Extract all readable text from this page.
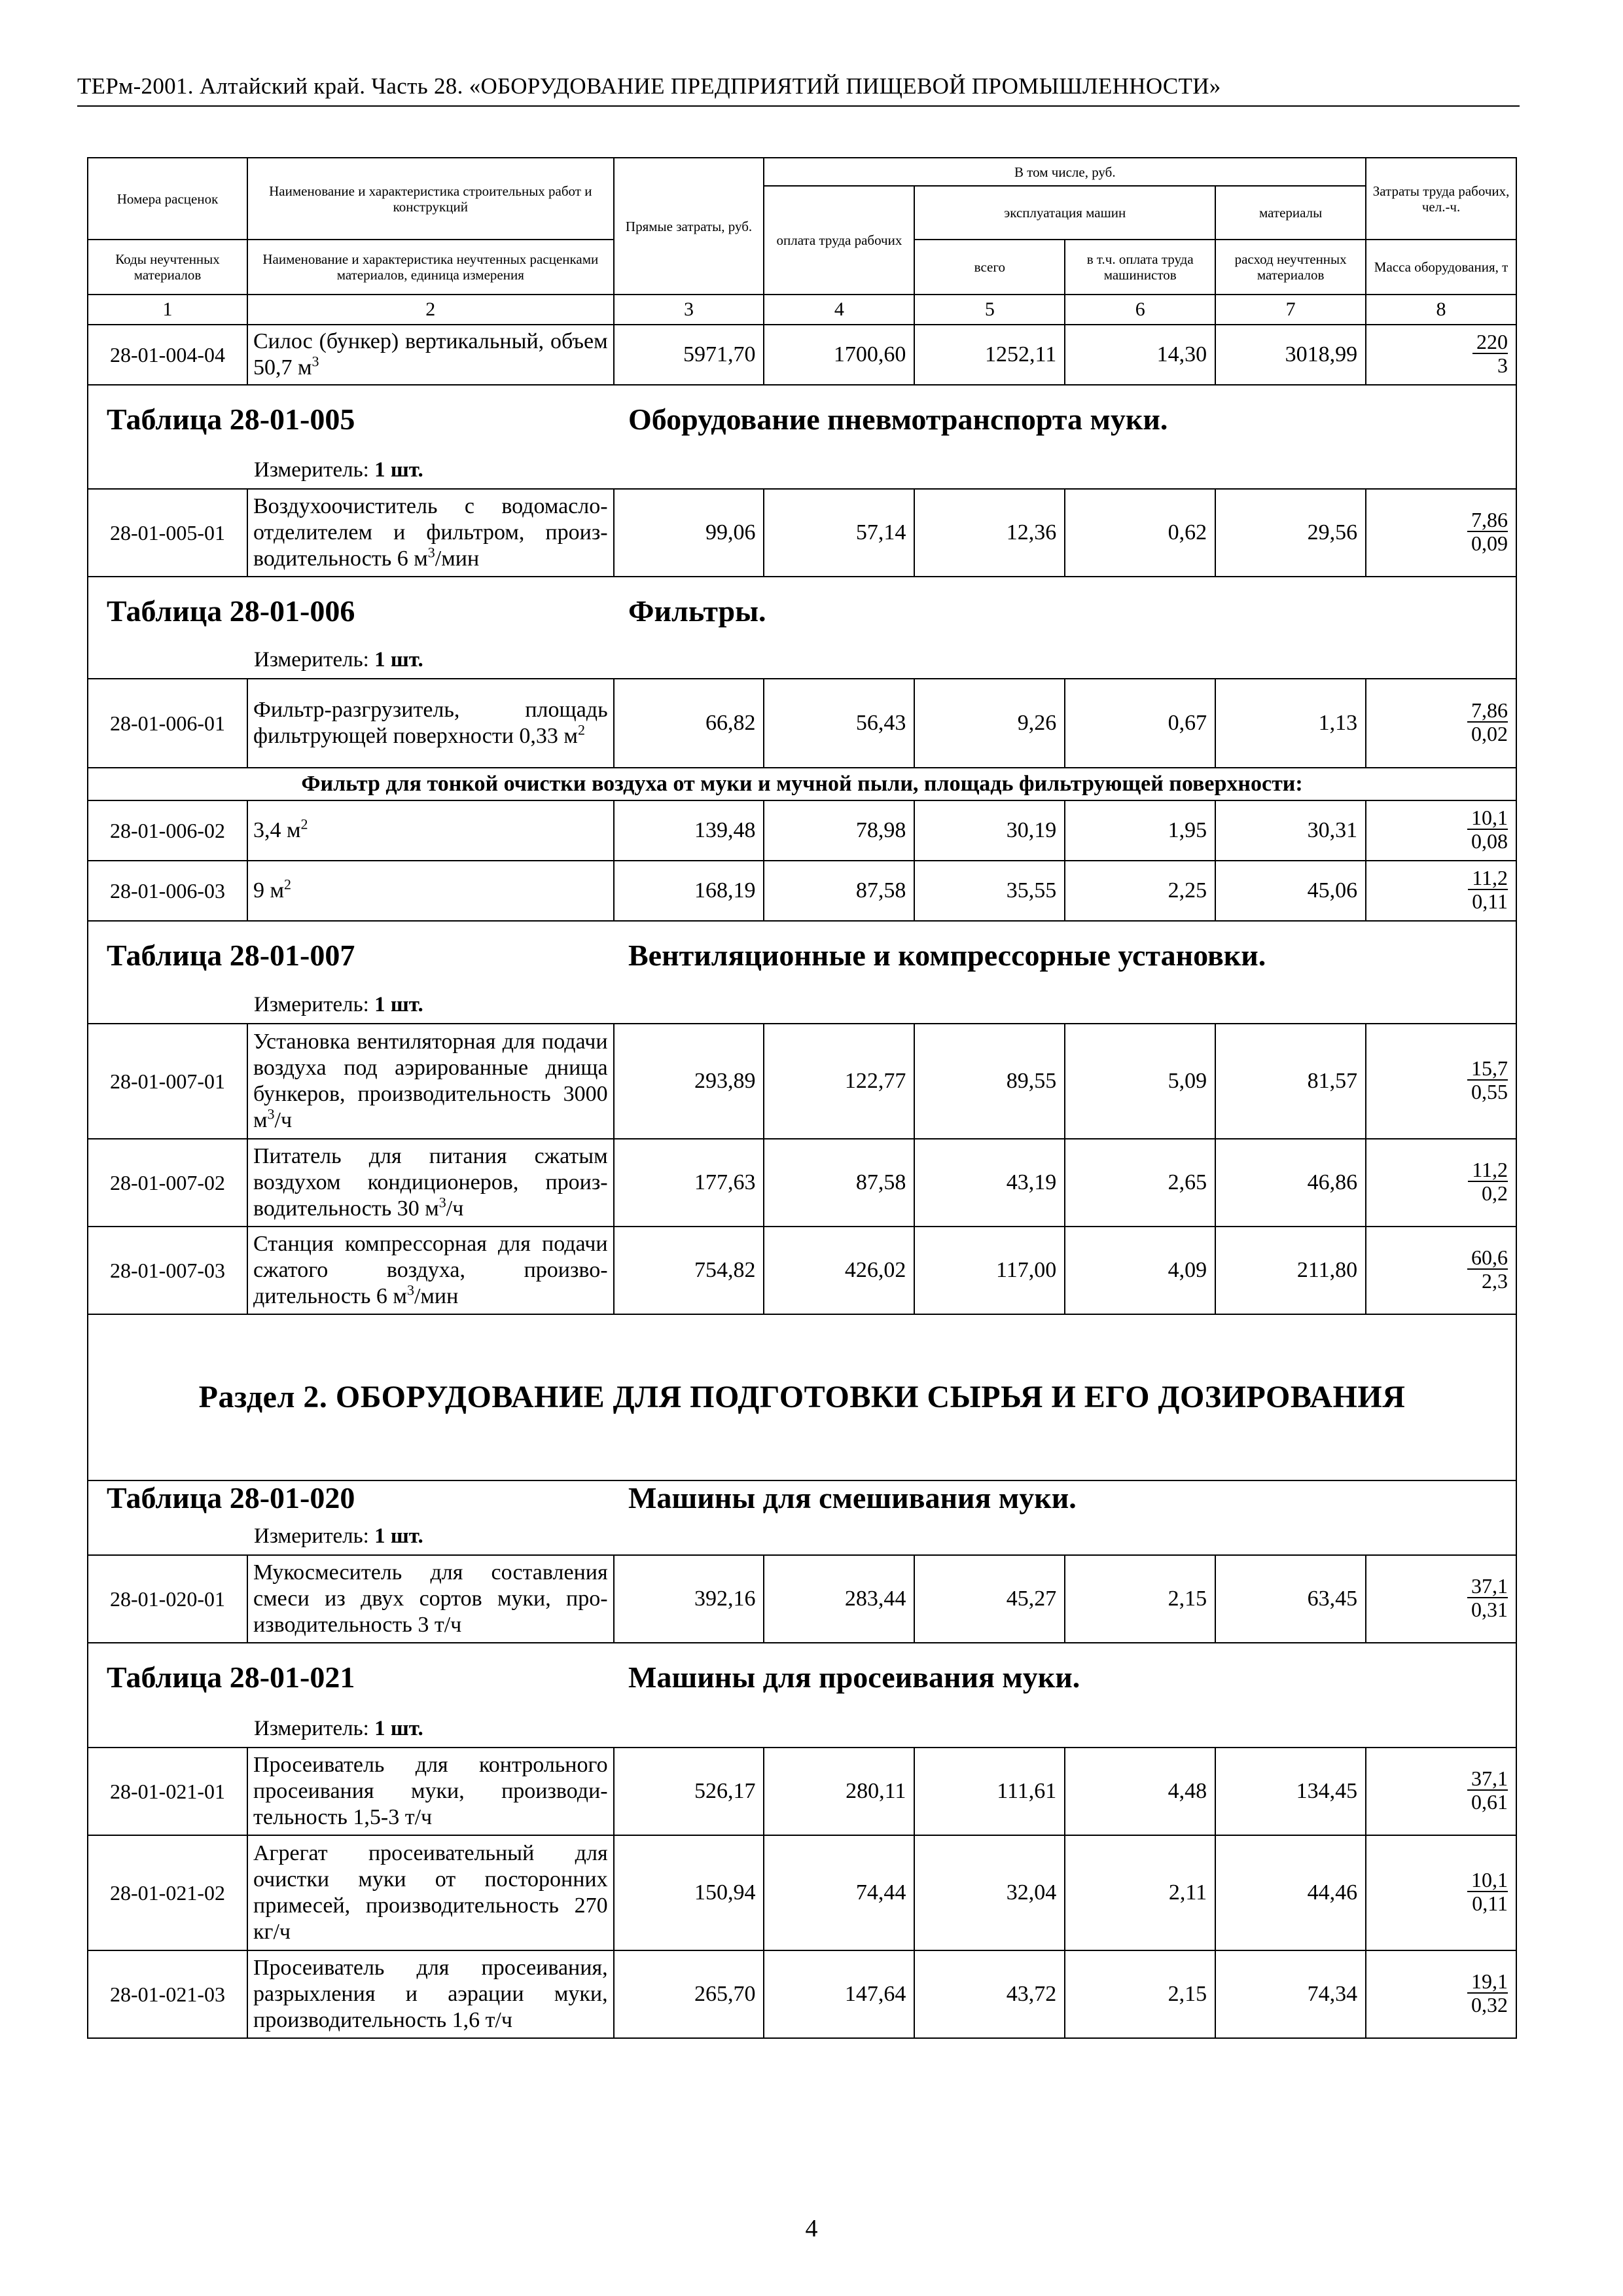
ТЕРм-2001. Алтайский край. Часть 28. «ОБОРУДОВАНИЕ ПРЕДПРИЯТИЙ ПИЩЕВОЙ ПРОМЫШЛЕННОСТИ»
Номера расценок	Наименование и характеристика строительных работ и конструкций	Прямые затраты, руб.	В том числе, руб.				Затраты труда рабочих, чел.-ч.
			оплата труда рабочих	эксплуатация машин		материалы	
Коды неучтенных материалов	Наименование и характеристика неучтенных расценками материалов, единица измерения			всего	в т.ч. оплата труда машинистов	расход неучтенных материалов	Масса оборудования, т

1	2	3	4	5	6	7	8
28-01-004-04	Силос (бункер) вертикальный, объем 50,7 $м^3$	5971,70	1700,60	1252,11	14,30	3018,99	$\frac{220}{3}$

Таблица 28-01-005 Оборудование пневмотранспорта муки.
Измеритель: 1 шт.							

28-01-005-01	Воздухоочиститель с водомаслоотделителем и фильтром, производительность 6 $м^3$/мин	99,06	57,14	12,36	0,62	29,56	$\frac{7,86}{0,09}$

Таблица 28-01-006 Фильтры.
Измеритель: 1 шт.							

28-01-006-01	Фильтр-разгрузитель, площадь фильтрующей поверхности 0,33 $м^2$	66,82	56,43	9,26	0,67	1,13	$\frac{7,86}{0,02}$

Фильтр для тонкой очистки воздуха от муки и мучной пыли, площадь фильтрующей поверхности:							
28-01-006-02	3,4 $м^2$	139,48	78,98	30,19	1,95	30,31	$\frac{10,1}{0,08}$

28-01-006-03	9 $м^2$	168,19	87,58	35,55	2,25	45,06	$\frac{11,2}{0,11}$

Таблица 28-01-007 Вентиляционные и компрессорные установки.
Измеритель: 1 шт.							

28-01-007-01	Установка вентиляторная для подачи воздуха под аэрированные днища бункеров, производительность 3000 $м^3/ч$	293,89	122,77	89,55	5,09	81,57	$\frac{15,7}{0,55}$

28-01-007-02	Питатель для питания сжатым воздухом кондиционеров, производительность 30 $м^3/ч$	177,63	87,58	43,19	2,65	46,86	$\frac{11,2}{0,2}$

28-01-007-03	Станция компрессорная для подачи сжатого воздуха, производительность 6 $м^3$/мин	754,82	426,02	117,00	4,09	211,80	$\frac{60,6}{2,3}$

Раздел 2. ОБОРУДОВАНИЕ ДЛЯ ПОДГОТОВКИ СЫРЬЯ И ЕГО ДОЗИРОВАНИЯ							

Таблица 28-01-020 Машины для смешивания муки.
Измеритель: 1 шт.							

28-01-020-01	Мукосмеситель для составления смеси из двух сортов муки, производительность 3 т/ч	392,16	283,44	45,27	2,15	63,45	$\frac{37,1}{0,31}$

Таблица 28-01-021 Машины для просеивания муки.
Измеритель: 1 шт.							

28-01-021-01	Просеиватель для контрольного просеивания муки, производительность 1,5-3 т/ч	526,17	280,11	111,61	4,48	134,45	$\frac{37,1}{0,61}$

28-01-021-02	Агрегат просеивательный для очистки муки от посторонних примесей, производительность 270 кг/ч	150,94	74,44	32,04	2,11	44,46	$\frac{10,1}{0,11}$

28-01-021-03	Просеиватель для просеивания, разрыхления и аэрации муки, производительность 1,6 т/ч	265,70	147,64	43,72	2,15	74,34	$\frac{19,1}{0,32}$
4
